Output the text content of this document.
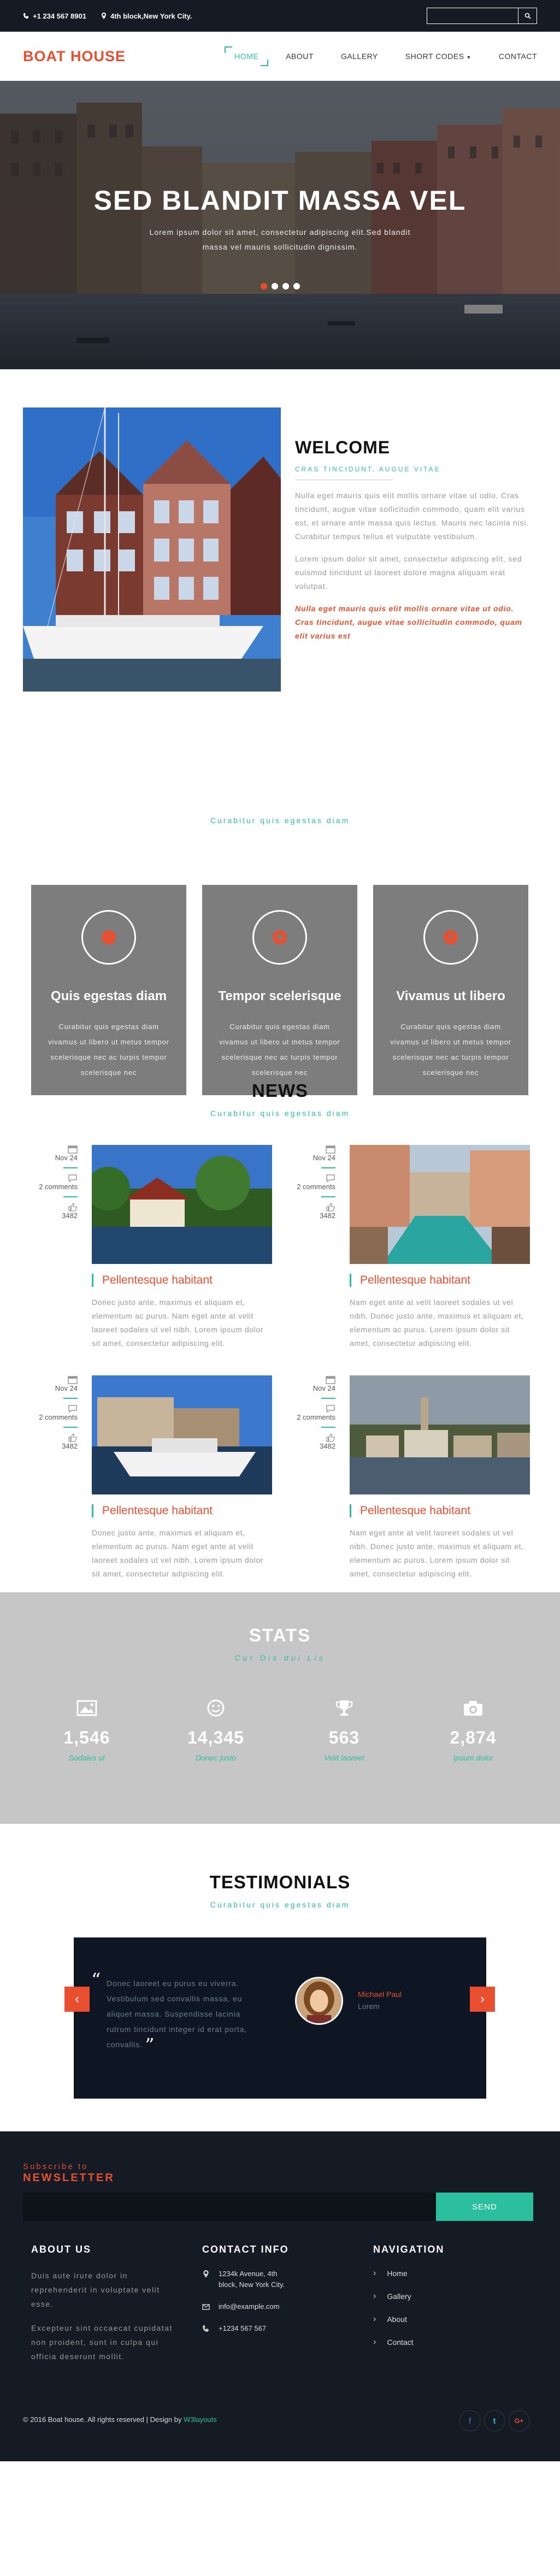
+1 234 567 8901	4th block,New York City.
BOAT HOUSE	HOME	ABOUT	GALLERY	SHORT CODES ▼	CONTACT
SED BLANDIT MASSA VEL
Lorem ipsum dolor sit amet, consectetur adipiscing elit.Sed blandit massa vel mauris sollicitudin dignissim.
WELCOME
CRAS TINCIDUNT, AUGUE VITAE

Nulla eget mauris quis elit mollis ornare vitae ut odio. Cras tincidunt, augue vitae sollicitudin commodo, quam elit varius est, et ornare ante massa quis lectus. Mauris nec lacinia nisi. Curabitur tempus tellus et vulputate vestibulum.

Lorem ipsum dolor sit amet, consectetur adipiscing elit, sed euismod tincidunt ut laoreet dolore magna aliquam erat volutpat.

Nulla eget mauris quis elit mollis ornare vitae ut odio. Cras tincidunt, augue vitae sollicitudin commodo, quam elit varius est

Curabitur quis egestas diam
⌂
Quis egestas diam
Curabitur quis egestas diam vivamus ut libero ut metus tempor scelerisque nec ac turpis tempor scelerisque nec
✱
Tempor scelerisque
Curabitur quis egestas diam vivamus ut libero ut metus tempor scelerisque nec ac turpis tempor scelerisque nec
✕
Vivamus ut libero
Curabitur quis egestas diam vivamus ut libero ut metus tempor scelerisque nec ac turpis tempor scelerisque nec
NEWS
Curabitur quis egestas diam
Nov 24
2 comments
3482
Pellentesque habitant
Donec justo ante, maximus et aliquam et, elementum ac purus. Nam eget ante at velit laoreet sodales ut vel nibh. Lorem ipsum dolor sit amet, consectetur adipiscing elit.
Nov 24
2 comments
3482
Pellentesque habitant
Nam eget ante at velit laoreet sodales ut vel nibh. Donec justo ante, maximus et aliquam et, elementum ac purus. Lorem ipsum dolor sit amet, consectetur adipiscing elit.
Nov 24
2 comments
3482
Pellentesque habitant
Donec justo ante, maximus et aliquam et, elementum ac purus. Nam eget ante at velit laoreet sodales ut vel nibh. Lorem ipsum dolor sit amet, consectetur adipiscing elit.
Nov 24
2 comments
3482
Pellentesque habitant
Nam eget ante at velit laoreet sodales ut vel nibh. Donec justo ante, maximus et aliquam et, elementum ac purus. Lorem ipsum dolor sit amet, consectetur adipiscing elit.
STATS
Cur Dis dui Lis
1,546
Sodales ut
14,345
Donec justo
563
Velit laoreet
2,874
Ipsum dolor
TESTIMONIALS
Curabitur quis egestas diam
“ Donec laoreet eu purus eu viverra. Vestibulum sed convallis massa, eu aliquet massa. Suspendisse lacinia rutrum tincidunt integer id erat porta, convallis. ”
Michael Paul
Lorem
‹	›
Subscribe to
NEWSLETTER
SEND
ABOUT US

Duis aute irure dolor in reprehenderit in voluptate velit esse.

Excepteur sint occaecat cupidatat non proident, sunt in culpa qui officia deserunt mollit.

CONTACT INFO
1234k Avenue, 4th block, New York City.
info@example.com
+1234 567 567
NAVIGATION
› Home
› Gallery
› About
› Contact
© 2016 Boat house. All rights reserved | Design by W3layouts	f	t	G+
